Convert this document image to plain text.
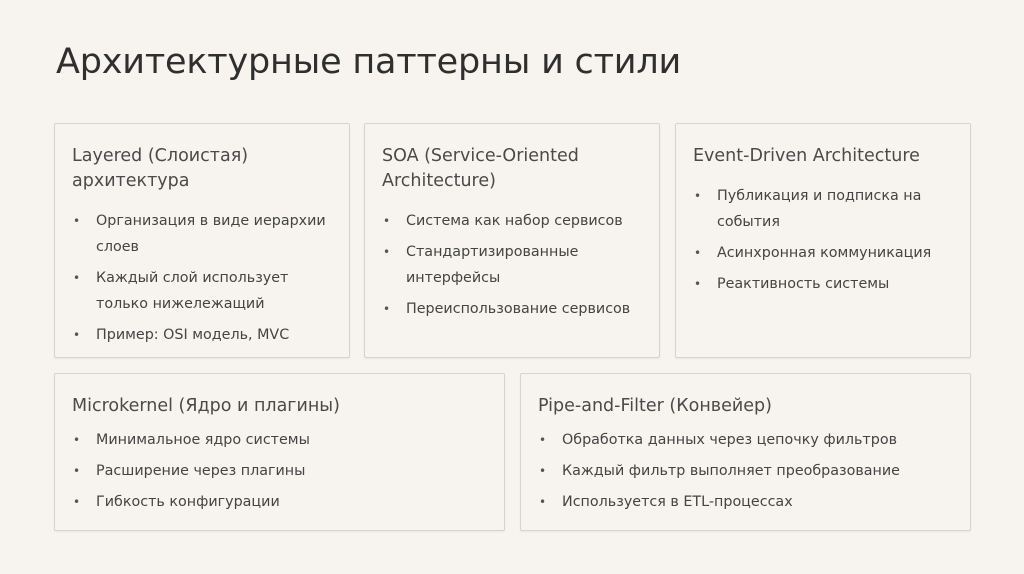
Архитектурные паттерны и стили
Layered (Слоистая) архитектура
• Организация в виде иерархии слоев
• Каждый слой использует только нижележащий
• Пример: OSI модель, MVC
SOA (Service-Oriented Architecture)
• Система как набор сервисов
• Стандартизированные интерфейсы
• Переиспользование сервисов
Event-Driven Architecture
• Публикация и подписка на события
• Асинхронная коммуникация
• Реактивность системы
Microkernel (Ядро и плагины)
• Минимальное ядро системы
• Расширение через плагины
• Гибкость конфигурации
Pipe-and-Filter (Конвейер)
• Обработка данных через цепочку фильтров
• Каждый фильтр выполняет преобразование
• Используется в ETL-процессах
